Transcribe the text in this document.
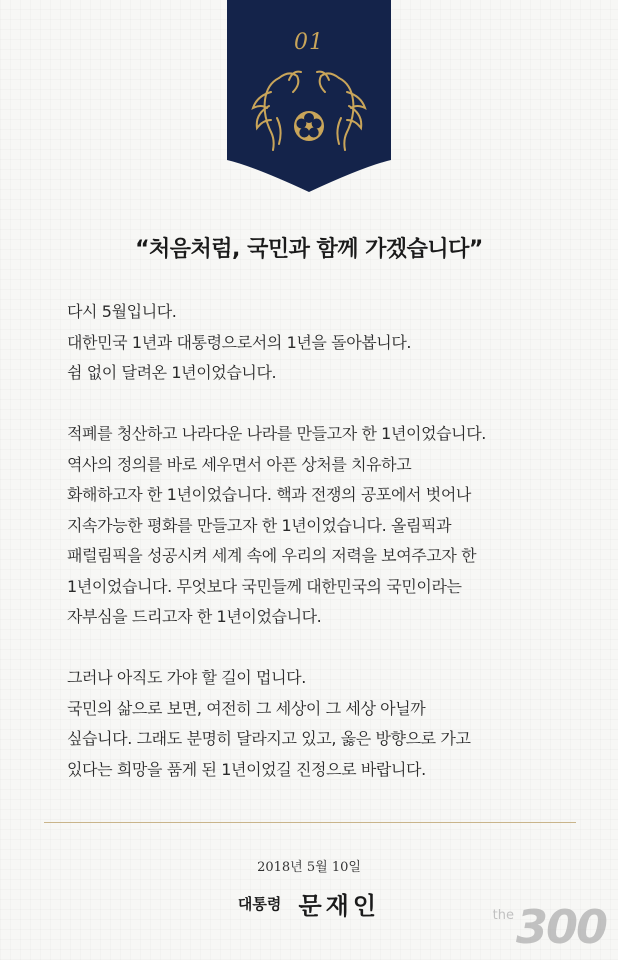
01
“처음처럼, 국민과 함께 가겠습니다”

다시 5월입니다.
대한민국 1년과 대통령으로서의 1년을 돌아봅니다.
쉼 없이 달려온 1년이었습니다.

적폐를 청산하고 나라다운 나라를 만들고자 한 1년이었습니다.
역사의 정의를 바로 세우면서 아픈 상처를 치유하고
화해하고자 한 1년이었습니다. 핵과 전쟁의 공포에서 벗어나
지속가능한 평화를 만들고자 한 1년이었습니다. 올림픽과
패럴림픽을 성공시켜 세계 속에 우리의 저력을 보여주고자 한
1년이었습니다. 무엇보다 국민들께 대한민국의 국민이라는
자부심을 드리고자 한 1년이었습니다.

그러나 아직도 가야 할 길이 멉니다.
국민의 삶으로 보면, 여전히 그 세상이 그 세상 아닐까
싶습니다. 그래도 분명히 달라지고 있고, 옳은 방향으로 가고
있다는 희망을 품게 된 1년이었길 진정으로 바랍니다.

2018년 5월 10일
대통령 문재인	$^{the}$300
